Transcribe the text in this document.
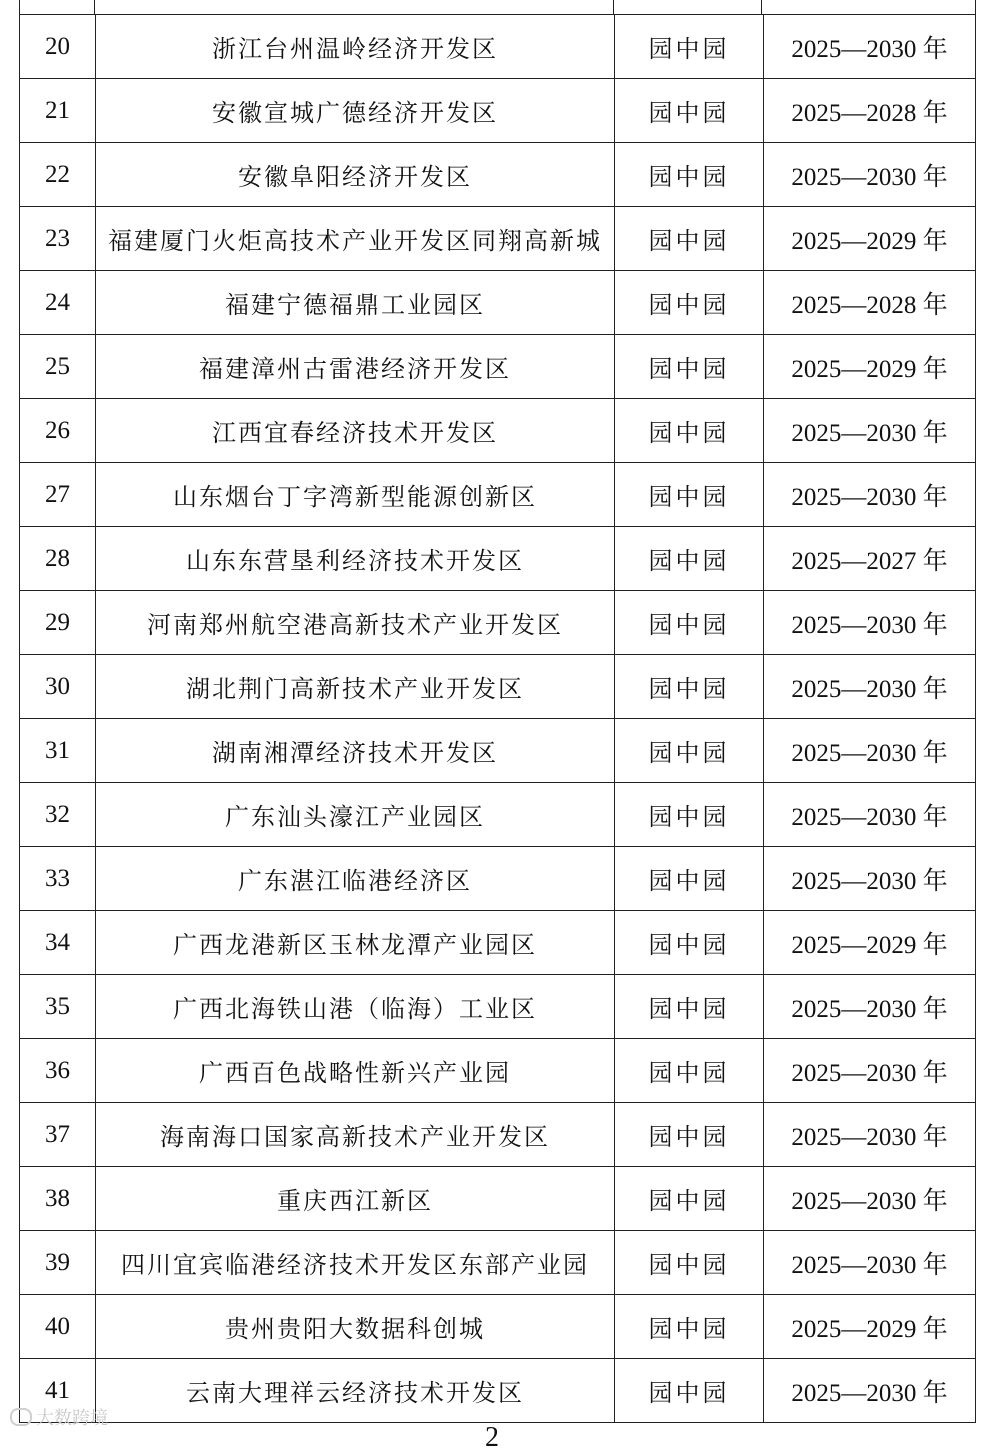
20	浙江台州温岭经济开发区	园中园	2025—2030 年
21	安徽宣城广德经济开发区	园中园	2025—2028 年
22	安徽阜阳经济开发区	园中园	2025—2030 年
23	福建厦门火炬高技术产业开发区同翔高新城	园中园	2025—2029 年
24	福建宁德福鼎工业园区	园中园	2025—2028 年
25	福建漳州古雷港经济开发区	园中园	2025—2029 年
26	江西宜春经济技术开发区	园中园	2025—2030 年
27	山东烟台丁字湾新型能源创新区	园中园	2025—2030 年
28	山东东营垦利经济技术开发区	园中园	2025—2027 年
29	河南郑州航空港高新技术产业开发区	园中园	2025—2030 年
30	湖北荆门高新技术产业开发区	园中园	2025—2030 年
31	湖南湘潭经济技术开发区	园中园	2025—2030 年
32	广东汕头濠江产业园区	园中园	2025—2030 年
33	广东湛江临港经济区	园中园	2025—2030 年
34	广西龙港新区玉林龙潭产业园区	园中园	2025—2029 年
35	广西北海铁山港（临海）工业区	园中园	2025—2030 年
36	广西百色战略性新兴产业园	园中园	2025—2030 年
37	海南海口国家高新技术产业开发区	园中园	2025—2030 年
38	重庆西江新区	园中园	2025—2030 年
39	四川宜宾临港经济技术开发区东部产业园	园中园	2025—2030 年
40	贵州贵阳大数据科创城	园中园	2025—2029 年
41	云南大理祥云经济技术开发区	园中园	2025—2030 年
大数跨境
2
